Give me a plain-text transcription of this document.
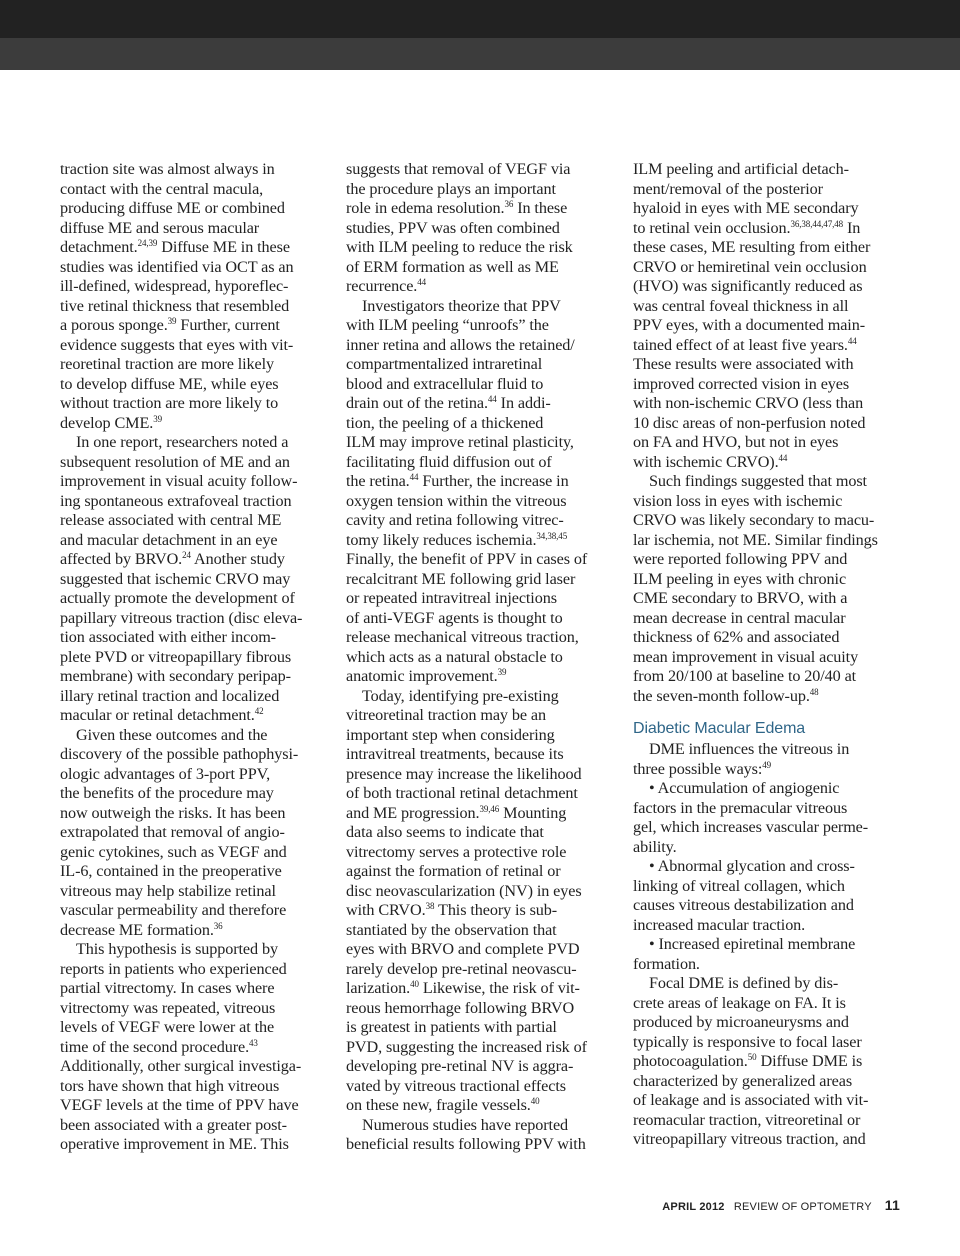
traction site was almost always in
contact with the central macula,
producing diffuse ME or combined
diffuse ME and serous macular
detachment.$^{24,39}$ Diffuse ME in these
studies was identified via OCT as an
ill-defined, widespread, hyporeflec-
tive retinal thickness that resembled
a porous sponge.$^{39}$ Further, current
evidence suggests that eyes with vit-
reoretinal traction are more likely
to develop diffuse ME, while eyes
without traction are more likely to
develop CME.$^{39}$
In one report, researchers noted a
subsequent resolution of ME and an
improvement in visual acuity follow-
ing spontaneous extrafoveal traction
release associated with central ME
and macular detachment in an eye
affected by BRVO.$^{24}$ Another study
suggested that ischemic CRVO may
actually promote the development of
papillary vitreous traction (disc eleva-
tion associated with either incom-
plete PVD or vitreopapillary fibrous
membrane) with secondary peripap-
illary retinal traction and localized
macular or retinal detachment.$^{42}$
Given these outcomes and the
discovery of the possible pathophysi-
ologic advantages of 3-port PPV,
the benefits of the procedure may
now outweigh the risks. It has been
extrapolated that removal of angio-
genic cytokines, such as VEGF and
IL-6, contained in the preoperative
vitreous may help stabilize retinal
vascular permeability and therefore
decrease ME formation.$^{36}$
This hypothesis is supported by
reports in patients who experienced
partial vitrectomy. In cases where
vitrectomy was repeated, vitreous
levels of VEGF were lower at the
time of the second procedure.$^{43}$
Additionally, other surgical investiga-
tors have shown that high vitreous
VEGF levels at the time of PPV have
been associated with a greater post-
operative improvement in ME. This
suggests that removal of VEGF via
the procedure plays an important
role in edema resolution.$^{36}$ In these
studies, PPV was often combined
with ILM peeling to reduce the risk
of ERM formation as well as ME
recurrence.$^{44}$
Investigators theorize that PPV
with ILM peeling “unroofs” the
inner retina and allows the retained/
compartmentalized intraretinal
blood and extracellular fluid to
drain out of the retina.$^{44}$ In addi-
tion, the peeling of a thickened
ILM may improve retinal plasticity,
facilitating fluid diffusion out of
the retina.$^{44}$ Further, the increase in
oxygen tension within the vitreous
cavity and retina following vitrec-
tomy likely reduces ischemia.$^{34,38,45}$
Finally, the benefit of PPV in cases of
recalcitrant ME following grid laser
or repeated intravitreal injections
of anti-VEGF agents is thought to
release mechanical vitreous traction,
which acts as a natural obstacle to
anatomic improvement.$^{39}$
Today, identifying pre-existing
vitreoretinal traction may be an
important step when considering
intravitreal treatments, because its
presence may increase the likelihood
of both tractional retinal detachment
and ME progression.$^{39,46}$ Mounting
data also seems to indicate that
vitrectomy serves a protective role
against the formation of retinal or
disc neovascularization (NV) in eyes
with CRVO.$^{38}$ This theory is sub-
stantiated by the observation that
eyes with BRVO and complete PVD
rarely develop pre-retinal neovascu-
larization.$^{40}$ Likewise, the risk of vit-
reous hemorrhage following BRVO
is greatest in patients with partial
PVD, suggesting the increased risk of
developing pre-retinal NV is aggra-
vated by vitreous tractional effects
on these new, fragile vessels.$^{40}$
Numerous studies have reported
beneficial results following PPV with
ILM peeling and artificial detach-
ment/removal of the posterior
hyaloid in eyes with ME secondary
to retinal vein occlusion.$^{36,38,44,47,48}$ In
these cases, ME resulting from either
CRVO or hemiretinal vein occlusion
(HVO) was significantly reduced as
was central foveal thickness in all
PPV eyes, with a documented main-
tained effect of at least five years.$^{44}$
These results were associated with
improved corrected vision in eyes
with non-ischemic CRVO (less than
10 disc areas of non-perfusion noted
on FA and HVO, but not in eyes
with ischemic CRVO).$^{44}$
Such findings suggested that most
vision loss in eyes with ischemic
CRVO was likely secondary to macu-
lar ischemia, not ME. Similar findings
were reported following PPV and
ILM peeling in eyes with chronic
CME secondary to BRVO, with a
mean decrease in central macular
thickness of 62% and associated
mean improvement in visual acuity
from 20/100 at baseline to 20/40 at
the seven-month follow-up.$^{48}$
Diabetic Macular Edema
DME influences the vitreous in
three possible ways:$^{49}$
• Accumulation of angiogenic
factors in the premacular vitreous
gel, which increases vascular perme-
ability.
• Abnormal glycation and cross-
linking of vitreal collagen, which
causes vitreous destabilization and
increased macular traction.
• Increased epiretinal membrane
formation.
Focal DME is defined by dis-
crete areas of leakage on FA. It is
produced by microaneurysms and
typically is responsive to focal laser
photocoagulation.$^{50}$ Diffuse DME is
characterized by generalized areas
of leakage and is associated with vit-
reomacular traction, vitreoretinal or
vitreopapillary vitreous traction, and
APRIL 2012 REVIEW OF OPTOMETRY 11
